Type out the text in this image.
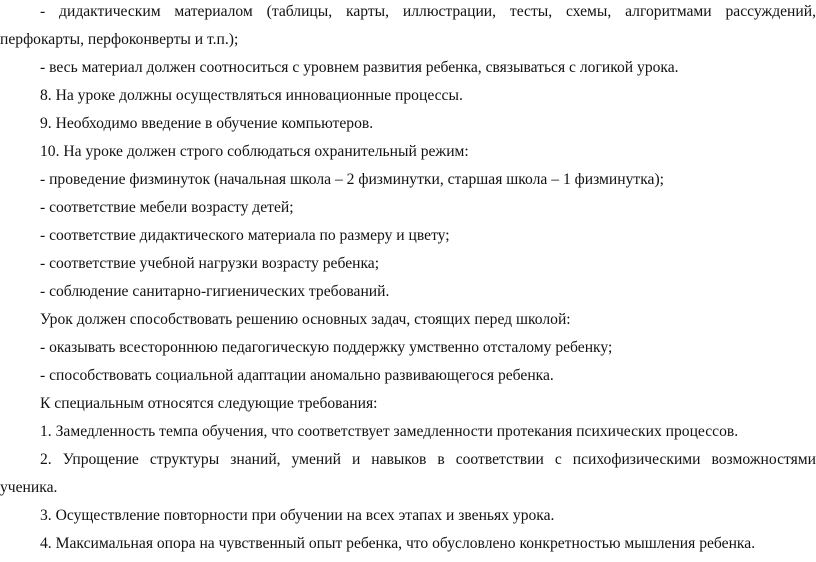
- дидактическим материалом (таблицы, карты, иллюстрации, тесты, схемы, алгоритмами рассуждений,
перфокарты, перфоконверты и т.п.);
- весь материал должен соотноситься с уровнем развития ребенка, связываться с логикой урока.
8. На уроке должны осуществляться инновационные процессы.
9. Необходимо введение в обучение компьютеров.
10. На уроке должен строго соблюдаться охранительный режим:
- проведение физминуток (начальная школа – 2 физминутки, старшая школа – 1 физминутка);
- соответствие мебели возрасту детей;
- соответствие дидактического материала по размеру и цвету;
- соответствие учебной нагрузки возрасту ребенка;
- соблюдение санитарно-гигиенических требований.
Урок должен способствовать решению основных задач, стоящих перед школой:
- оказывать всестороннюю педагогическую поддержку умственно отсталому ребенку;
- способствовать социальной адаптации аномально развивающегося ребенка.
К специальным относятся следующие требования:
1. Замедленность темпа обучения, что соответствует замедленности протекания психических процессов.
2. Упрощение структуры знаний, умений и навыков в соответствии с психофизическими возможностями
ученика.
3. Осуществление повторности при обучении на всех этапах и звеньях урока.
4. Максимальная опора на чувственный опыт ребенка, что обусловлено конкретностью мышления ребенка.
